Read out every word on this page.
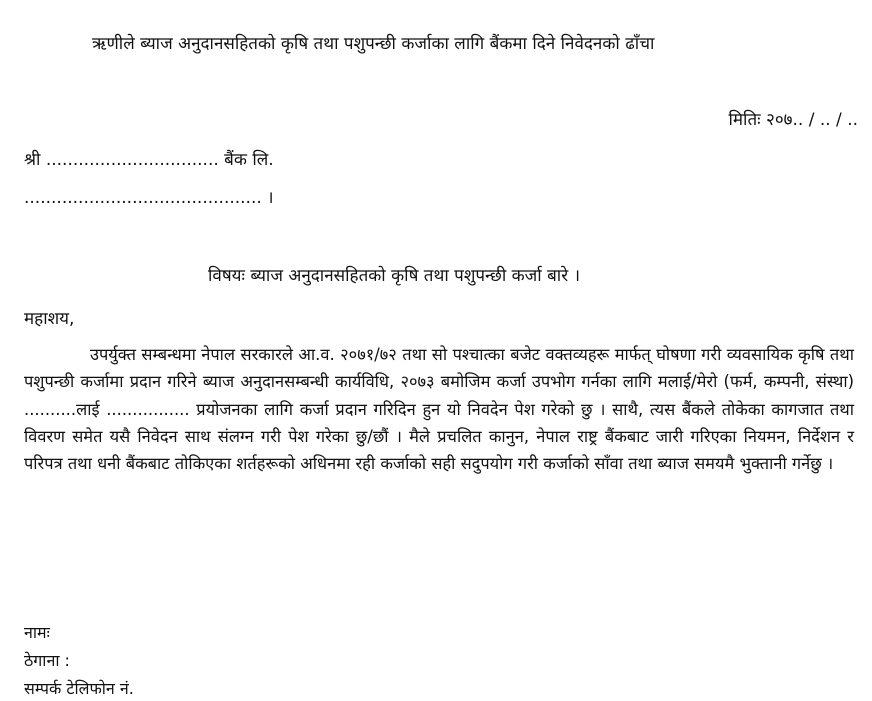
ऋणीले ब्याज अनुदानसहितको कृषि तथा पशुपन्छी कर्जाका लागि बैंकमा दिने निवेदनको ढाँचा
मितिः २०७.. / .. / ..
श्री ................................ बैंक लि.
............................................ ।
विषयः ब्याज अनुदानसहितको कृषि तथा पशुपन्छी कर्जा बारे ।
महाशय,

उपर्युक्त सम्बन्धमा नेपाल सरकारले आ.व. २०७१/७२ तथा सो पश्चात्का बजेट वक्तव्यहरू मार्फत् घोषणा गरी व्यवसायिक कृषि तथा पशुपन्छी कर्जामा प्रदान गरिने ब्याज अनुदानसम्बन्धी कार्यविधि, २०७३ बमोजिम कर्जा उपभोग गर्नका लागि मलाई/मेरो (फर्म, कम्पनी, संस्था) ..........लाई ................ प्रयोजनका लागि कर्जा प्रदान गरिदिन हुन यो निवदेन पेश गरेको छु । साथै, त्यस बैंकले तोकेका कागजात तथा विवरण समेत यसै निवेदन साथ संलग्न गरी पेश गरेका छु/छौं । मैले प्रचलित कानुन, नेपाल राष्ट्र बैंकबाट जारी गरिएका नियमन, निर्देशन र परिपत्र तथा धनी बैंकबाट तोकिएका शर्तहरूको अधिनमा रही कर्जाको सही सदुपयोग गरी कर्जाको साँवा तथा ब्याज समयमै भुक्तानी गर्नेछु ।

नामः
ठेगाना :
सम्पर्क टेलिफोन नं.
